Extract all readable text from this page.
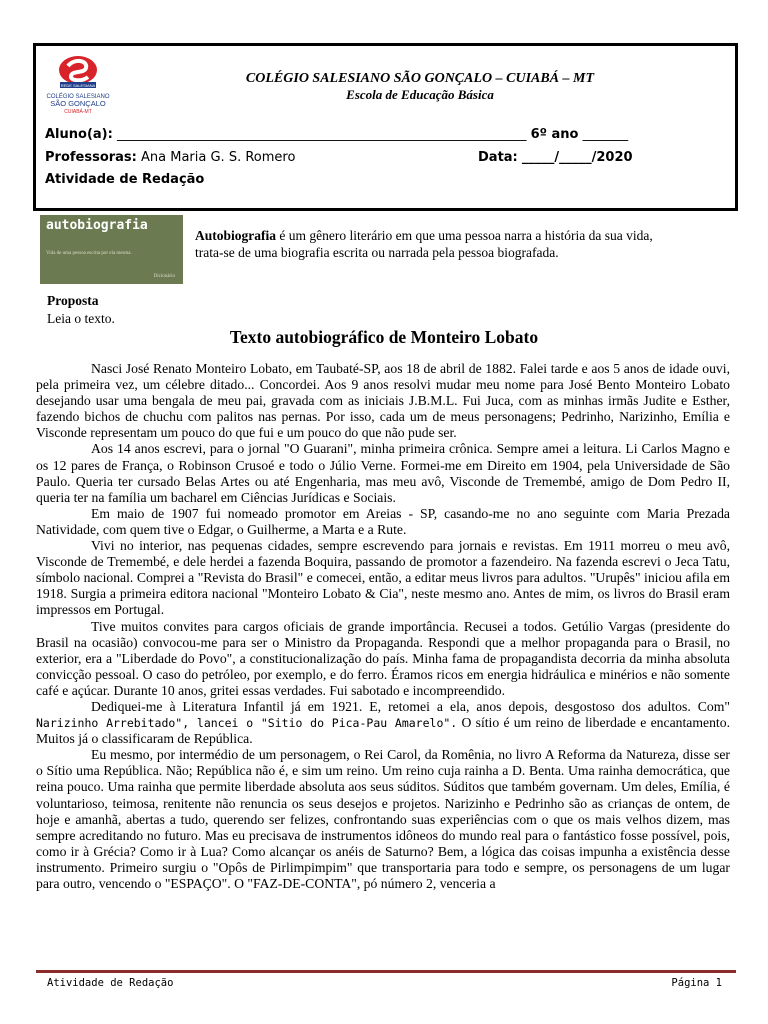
REDE SALESIANA
COLÉGIO SALESIANO
SÃO GONÇALO
CUIABÁ-MT
COLÉGIO SALESIANO SÃO GONÇALO – CUIABÁ – MT
Escola de Educação Básica
Aluno(a): _______________________________________________________________ 6º ano _______
Professoras: Ana Maria G. S. Romero	Data: _____/_____/2020
Atividade de Redação
autobiografia
Vida de uma pessoa escrita por ela mesma.
Dicionário
Autobiografia é um gênero literário em que uma pessoa narra a história da sua vida,
trata-se de uma biografia escrita ou narrada pela pessoa biografada.
Proposta
Leia o texto.
Texto autobiográfico de Monteiro Lobato

Nasci José Renato Monteiro Lobato, em Taubaté-SP, aos 18 de abril de 1882. Falei tarde e aos 5 anos de idade ouvi, pela primeira vez, um célebre ditado... Concordei. Aos 9 anos resolvi mudar meu nome para José Bento Monteiro Lobato desejando usar uma bengala de meu pai, gravada com as iniciais J.B.M.L. Fui Juca, com as minhas irmãs Judite e Esther, fazendo bichos de chuchu com palitos nas pernas. Por isso, cada um de meus personagens; Pedrinho, Narizinho, Emília e Visconde representam um pouco do que fui e um pouco do que não pude ser.

Aos 14 anos escrevi, para o jornal "O Guarani", minha primeira crônica. Sempre amei a leitura. Li Carlos Magno e os 12 pares de França, o Robinson Crusoé e todo o Júlio Verne. Formei-me em Direito em 1904, pela Universidade de São Paulo. Queria ter cursado Belas Artes ou até Engenharia, mas meu avô, Visconde de Tremembé, amigo de Dom Pedro II, queria ter na família um bacharel em Ciências Jurídicas e Sociais.

Em maio de 1907 fui nomeado promotor em Areias - SP, casando-me no ano seguinte com Maria Prezada Natividade, com quem tive o Edgar, o Guilherme, a Marta e a Rute.

Vivi no interior, nas pequenas cidades, sempre escrevendo para jornais e revistas. Em 1911 morreu o meu avô, Visconde de Tremembé, e dele herdei a fazenda Boquira, passando de promotor a fazendeiro. Na fazenda escrevi o Jeca Tatu, símbolo nacional. Comprei a "Revista do Brasil" e comecei, então, a editar meus livros para adultos. "Urupês" iniciou afila em 1918. Surgia a primeira editora nacional "Monteiro Lobato & Cia", neste mesmo ano. Antes de mim, os livros do Brasil eram impressos em Portugal.

Tive muitos convites para cargos oficiais de grande importância. Recusei a todos. Getúlio Vargas (presidente do Brasil na ocasião) convocou-me para ser o Ministro da Propaganda. Respondi que a melhor propaganda para o Brasil, no exterior, era a "Liberdade do Povo", a constitucionalização do país. Minha fama de propagandista decorria da minha absoluta convicção pessoal. O caso do petróleo, por exemplo, e do ferro. Éramos ricos em energia hidráulica e minérios e não somente café e açúcar. Durante 10 anos, gritei essas verdades. Fui sabotado e incompreendido.

Dediquei-me à Literatura Infantil já em 1921. E, retomei a ela, anos depois, desgostoso dos adultos. Com" Narizinho Arrebitado", lancei o "Sitio do Pica-Pau Amarelo". O sítio é um reino de liberdade e encantamento. Muitos já o classificaram de República.

Eu mesmo, por intermédio de um personagem, o Rei Carol, da Romênia, no livro A Reforma da Natureza, disse ser o Sítio uma República. Não; República não é, e sim um reino. Um reino cuja rainha a D. Benta. Uma rainha democrática, que reina pouco. Uma rainha que permite liberdade absoluta aos seus súditos. Súditos que também governam. Um deles, Emília, é voluntarioso, teimosa, renitente não renuncia os seus desejos e projetos. Narizinho e Pedrinho são as crianças de ontem, de hoje e amanhã, abertas a tudo, querendo ser felizes, confrontando suas experiências com o que os mais velhos dizem, mas sempre acreditando no futuro. Mas eu precisava de instrumentos idôneos do mundo real para o fantástico fosse possível, pois, como ir à Grécia? Como ir à Lua? Como alcançar os anéis de Saturno? Bem, a lógica das coisas impunha a existência desse instrumento. Primeiro surgiu o "Opôs de Pirlimpimpim" que transportaria para todo e sempre, os personagens de um lugar para outro, vencendo o "ESPAÇO". O "FAZ-DE-CONTA", pó número 2, venceria a

Atividade de Redação	Página 1
